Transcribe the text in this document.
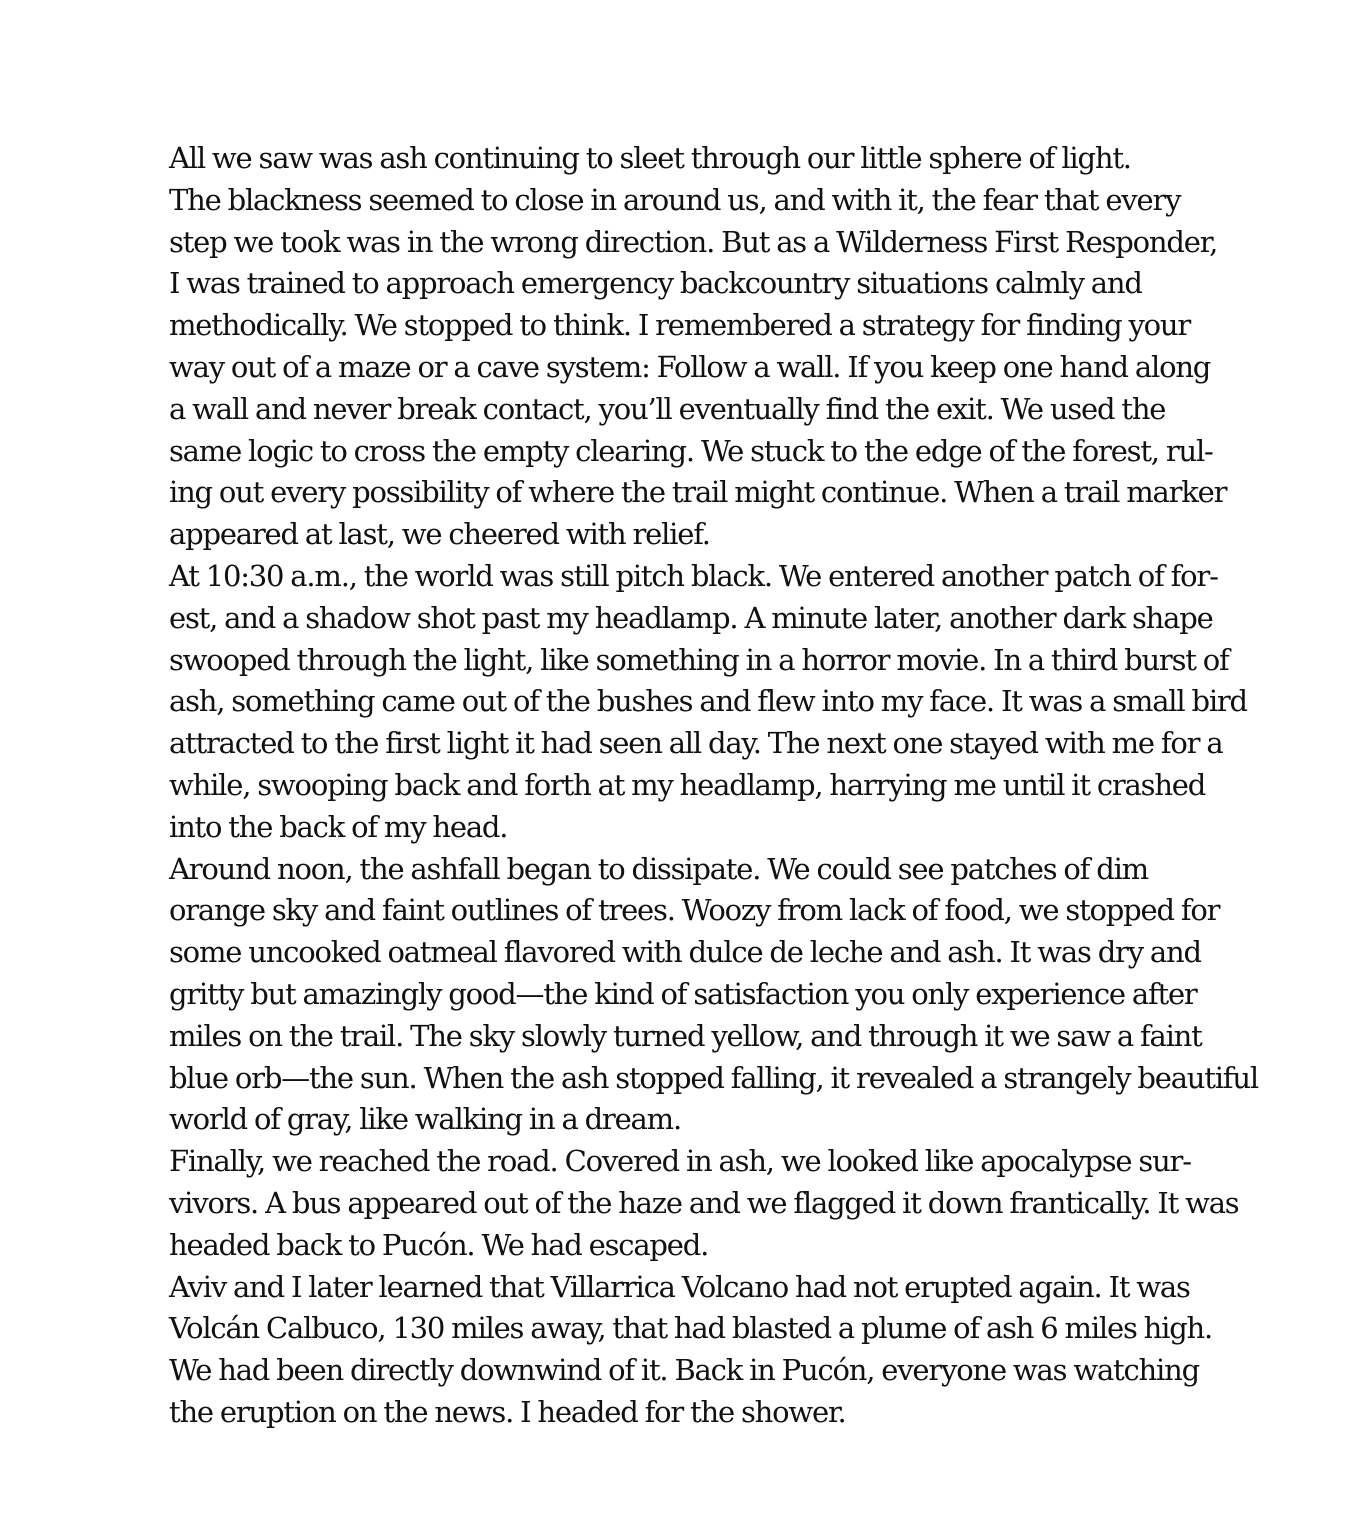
All we saw was ash continuing to sleet through our little sphere of light.

The blackness seemed to close in around us, and with it, the fear that every
step we took was in the wrong direction. But as a Wilderness First Responder,
I was trained to approach emergency backcountry situations calmly and
methodically. We stopped to think. I remembered a strategy for finding your
way out of a maze or a cave system: Follow a wall. If you keep one hand along
a wall and never break contact, you’ll eventually find the exit. We used the
same logic to cross the empty clearing. We stuck to the edge of the forest, rul-
ing out every possibility of where the trail might continue. When a trail marker
appeared at last, we cheered with relief.

At 10:30 a.m., the world was still pitch black. We entered another patch of for-
est, and a shadow shot past my headlamp. A minute later, another dark shape
swooped through the light, like something in a horror movie. In a third burst of
ash, something came out of the bushes and flew into my face. It was a small bird
attracted to the first light it had seen all day. The next one stayed with me for a
while, swooping back and forth at my headlamp, harrying me until it crashed
into the back of my head.

Around noon, the ashfall began to dissipate. We could see patches of dim
orange sky and faint outlines of trees. Woozy from lack of food, we stopped for
some uncooked oatmeal flavored with dulce de leche and ash. It was dry and
gritty but amazingly good—the kind of satisfaction you only experience after
miles on the trail. The sky slowly turned yellow, and through it we saw a faint
blue orb—the sun. When the ash stopped falling, it revealed a strangely beautiful
world of gray, like walking in a dream.

Finally, we reached the road. Covered in ash, we looked like apocalypse sur-
vivors. A bus appeared out of the haze and we flagged it down frantically. It was
headed back to Pucón. We had escaped.

Aviv and I later learned that Villarrica Volcano had not erupted again. It was
Volcán Calbuco, 130 miles away, that had blasted a plume of ash 6 miles high.
We had been directly downwind of it. Back in Pucón, everyone was watching
the eruption on the news. I headed for the shower.
